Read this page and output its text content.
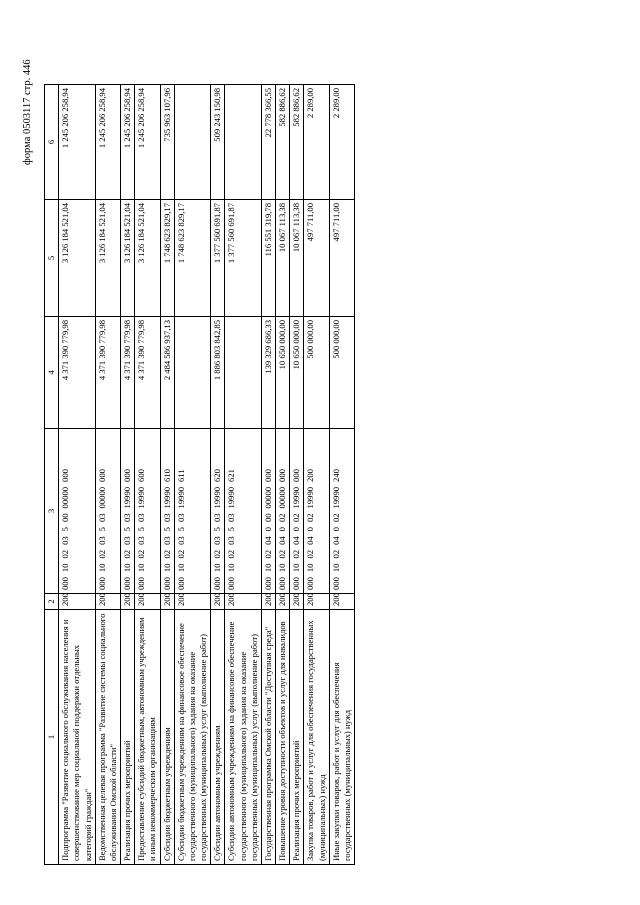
форма 0503117 стр. 446
1	2	3	4	5	6
Подпрограмма "Развитие социального обслуживания населения и совершенствование мер социальной поддержки отдельных категорий граждан"	200	00010020350000000000	4 371 390 779,98	3 126 184 521,04	1 245 206 258,94
Ведомственная целевая программа "Развитие системы социального обслуживания Омской области"	200	00010020350300000000	4 371 390 779,98	3 126 184 521,04	1 245 206 258,94
Реализация прочих мероприятий	200	00010020350319990000	4 371 390 779,98	3 126 184 521,04	1 245 206 258,94
Предоставление субсидий бюджетным, автономным учреждениям и иным некоммерческим организациям	200	00010020350319990600	4 371 390 779,98	3 126 184 521,04	1 245 206 258,94
Субсидии бюджетным учреждениям	200	00010020350319990610	2 484 586 937,13	1 748 623 829,17	735 963 107,96
Субсидии бюджетным учреждениям на финансовое обеспечение государственного (муниципального) задания на оказание государственных (муниципальных) услуг (выполнение работ)	200	00010020350319990611		1 748 623 829,17	
Субсидии автономным учреждениям	200	00010020350319990620	1 886 803 842,85	1 377 560 691,87	509 243 150,98
Субсидии автономным учреждениям на финансовое обеспечение государственного (муниципального) задания на оказание государственных (муниципальных) услуг (выполнение работ)	200	00010020350319990621		1 377 560 691,87	
Государственная программа Омской области "Доступная среда"	200	00010020400000000000	139 329 686,33	116 551 319,78	22 778 366,55
Повышение уровня доступности объектов и услуг для инвалидов	200	00010020400200000000	10 650 000,00	10 067 113,38	582 886,62
Реализация прочих мероприятий	200	00010020400219990000	10 650 000,00	10 067 113,38	582 886,62
Закупка товаров, работ и услуг для обеспечения государственных (муниципальных) нужд	200	00010020400219990200	500 000,00	497 711,00	2 289,00
Иные закупки товаров, работ и услуг для обеспечения государственных (муниципальных) нужд	200	00010020400219990240	500 000,00	497 711,00	2 289,00
